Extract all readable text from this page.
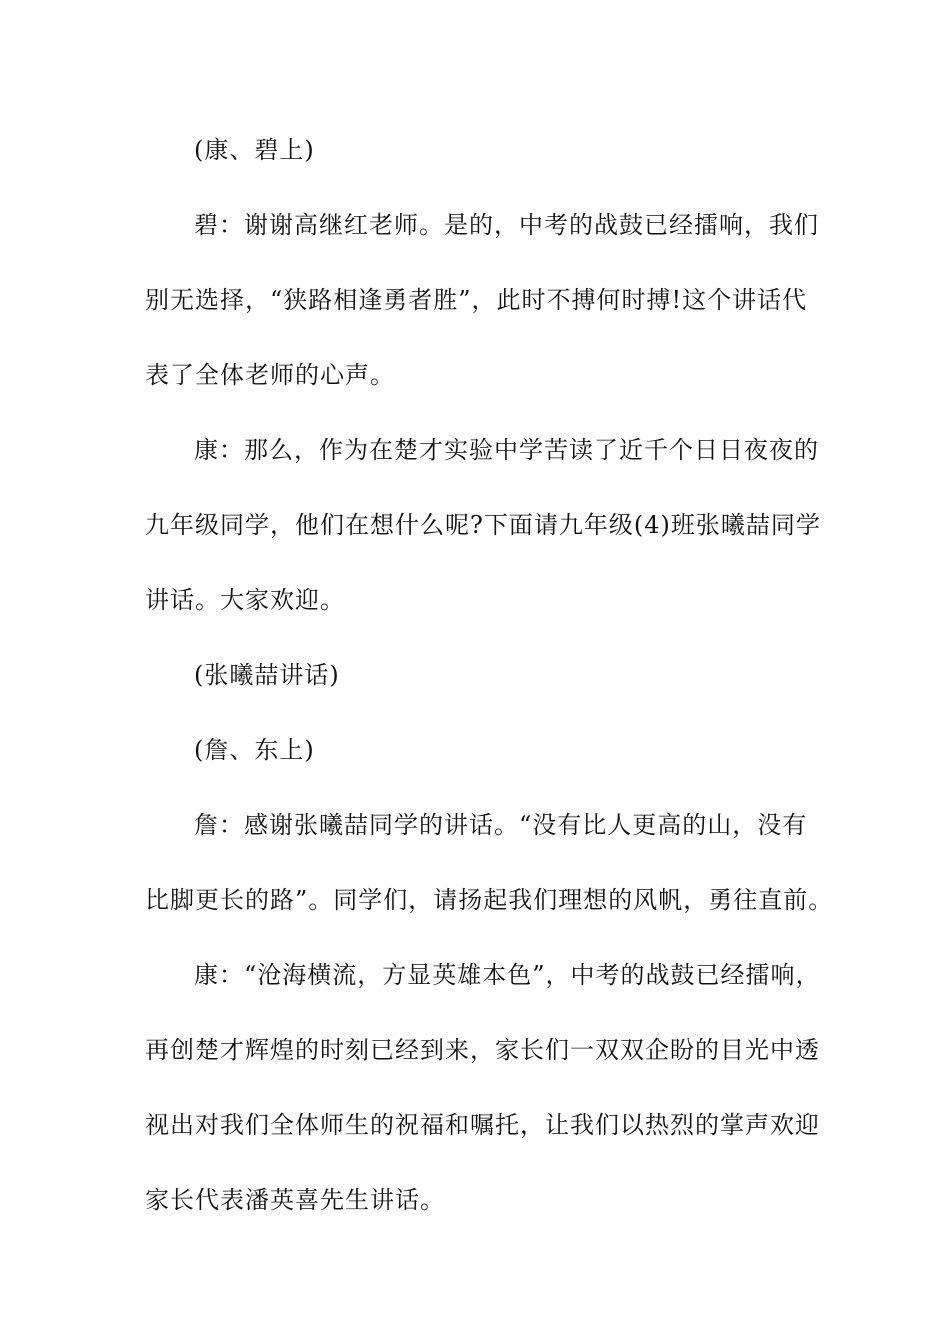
(康、碧上)
碧：谢谢高继红老师。是的，中考的战鼓已经擂响，我们
别无选择，“狭路相逢勇者胜”，此时不搏何时搏!这个讲话代
表了全体老师的心声。
康：那么，作为在楚才实验中学苦读了近千个日日夜夜的
九年级同学，他们在想什么呢?下面请九年级(4)班张曦喆同学
讲话。大家欢迎。
(张曦喆讲话)
(詹、东上)
詹：感谢张曦喆同学的讲话。“没有比人更高的山，没有
比脚更长的路”。同学们，请扬起我们理想的风帆，勇往直前。
康：“沧海横流，方显英雄本色”，中考的战鼓已经擂响，
再创楚才辉煌的时刻已经到来，家长们一双双企盼的目光中透
视出对我们全体师生的祝福和嘱托，让我们以热烈的掌声欢迎
家长代表潘英喜先生讲话。
